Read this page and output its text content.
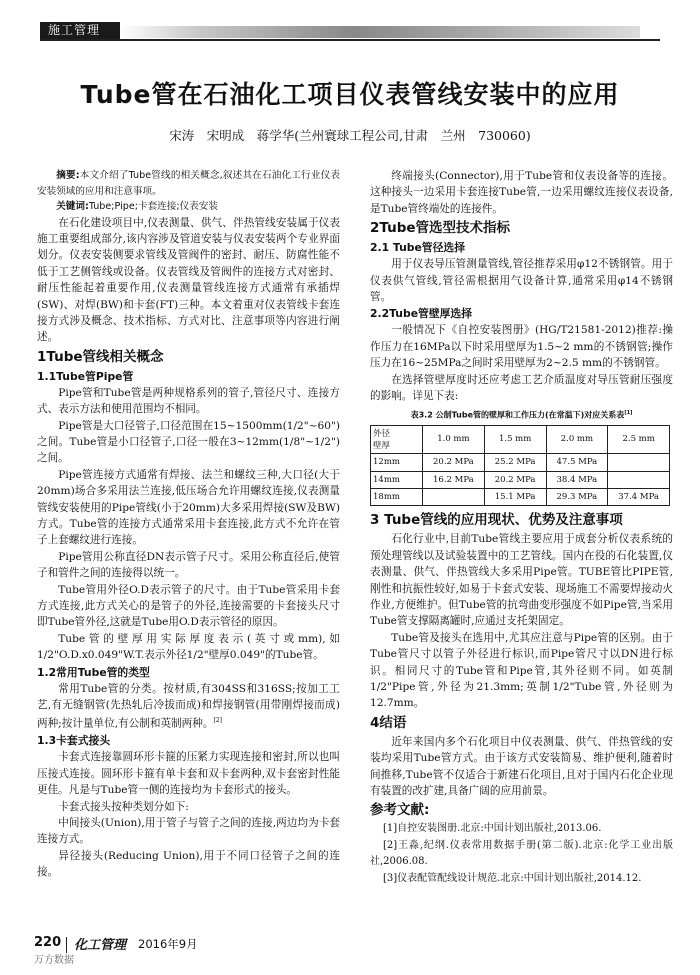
施工管理
Tube管在石油化工项目仪表管线安装中的应用
宋涛　宋明成　蒋学华(兰州寰球工程公司,甘肃　兰州　730060)

摘要:本文介绍了Tube管线的相关概念,叙述其在石油化工行业仪表安装领域的应用和注意事项。

关键词:Tube;Pipe;卡套连接;仪表安装

在石化建设项目中,仪表测量、供气、伴热管线安装属于仪表施工重要组成部分,该内容涉及管道安装与仪表安装两个专业界面划分。仪表安装侧要求管线及管阀件的密封、耐压、防腐性能不低于工艺侧管线或设备。仪表管线及管阀件的连接方式对密封、耐压性能起着重要作用,仪表测量管线连接方式通常有承插焊(SW)、对焊(BW)和卡套(FT)三种。本文着重对仪表管线卡套连接方式涉及概念、技术指标、方式对比、注意事项等内容进行阐述。

1Tube管线相关概念
1.1Tube管Pipe管

Pipe管和Tube管是两种规格系列的管子,管径尺寸、连接方式、表示方法和使用范围均不相同。

Pipe管是大口径管子,口径范围在15~1500mm(1/2"~60")之间。Tube管是小口径管子,口径一般在3~12mm(1/8"~1/2")之间。

Pipe管连接方式通常有焊接、法兰和螺纹三种,大口径(大于20mm)场合多采用法兰连接,低压场合允许用螺纹连接,仪表测量管线安装使用的Pipe管线(小于20mm)大多采用焊接(SW及BW)方式。Tube管的连接方式通常采用卡套连接,此方式不允许在管子上套螺纹进行连接。

Pipe管用公称直径DN表示管子尺寸。采用公称直径后,使管子和管件之间的连接得以统一。

Tube管用外径O.D表示管子的尺寸。由于Tube管采用卡套方式连接,此方式关心的是管子的外径,连接需要的卡套接头尺寸即Tube管外径,这就是Tube用O.D表示管径的原因。

Tube管的壁厚用实际厚度表示(英寸或mm),如1/2"O.D.x0.049"W.T.表示外径1/2"壁厚0.049"的Tube管。

1.2常用Tube管的类型

常用Tube管的分类。按材质,有304SS和316SS;按加工工艺,有无缝钢管(先热轧后冷拔而成)和焊接钢管(用带刚焊接而成)两种;按计量单位,有公制和英制两种。[2]

1.3卡套式接头

卡套式连接靠圆环形卡箍的压紧力实现连接和密封,所以也叫压接式连接。圆环形卡箍有单卡套和双卡套两种,双卡套密封性能更佳。凡是与Tube管一侧的连接均为卡套形式的接头。

卡套式接头按种类划分如下:

中间接头(Union),用于管子与管子之间的连接,两边均为卡套连接方式。

异径接头(Reducing Union),用于不同口径管子之间的连接。

终端接头(Connector),用于Tube管和仪表设备等的连接。这种接头一边采用卡套连接Tube管,一边采用螺纹连接仪表设备,是Tube管终端处的连接件。

2Tube管选型技术指标
2.1 Tube管径选择

用于仪表导压管测量管线,管径推荐采用φ12不锈钢管。用于仪表供气管线,管径需根据用气设备计算,通常采用φ14不锈钢管。

2.2Tube管壁厚选择

一般情况下《自控安装图册》(HG/T21581-2012)推荐:操作压力在16MPa以下时采用壁厚为1.5~2 mm的不锈钢管;操作压力在16~25MPa之间时采用壁厚为2~2.5 mm的不锈钢管。

在选择管壁厚度时还应考虑工艺介质温度对导压管耐压强度的影响。详见下表:

表3.2 公制Tube管的壁厚和工作压力(在常温下)对应关系表[1]
外径
壁厚	1.0 mm	1.5 mm	2.0 mm	2.5 mm
12mm	20.2 MPa	25.2 MPa	47.5 MPa	
14mm	16.2 MPa	20.2 MPa	38.4 MPa	
18mm		15.1 MPa	29.3 MPa	37.4 MPa
3 Tube管线的应用现状、优势及注意事项

石化行业中,目前Tube管线主要应用于成套分析仪表系统的预处理管线以及试验装置中的工艺管线。国内在役的石化装置,仪表测量、供气、伴热管线大多采用Pipe管。TUBE管比PIPE管,刚性和抗振性较好,如易于卡套式安装、现场施工不需要焊接动火作业,方便维护。但Tube管的抗弯曲变形强度不如Pipe管,当采用Tube管支撑隔离罐时,应通过支托架固定。

Tube管及接头在选用中,尤其应注意与Pipe管的区别。由于Tube管尺寸以管子外径进行标识,而Pipe管尺寸以DN进行标识。相同尺寸的Tube管和Pipe管,其外径则不同。如英制1/2"Pipe管,外径为21.3mm;英制1/2"Tube管,外径则为12.7mm。

4结语

近年来国内多个石化项目中仪表测量、供气、伴热管线的安装均采用Tube管方式。由于该方式安装简易、维护便利,随着时间推移,Tube管不仅适合于新建石化项目,且对于国内石化企业现有装置的改扩建,具备广阔的应用前景。

参考文献:

[1]自控安装图册.北京:中国计划出版社,2013.06.

[2]王淼,纪纲.仪表常用数据手册(第二版).北京:化学工业出版社,2006.08.

[3]仪表配管配线设计规范.北京:中国计划出版社,2014.12.

220 化工管理 2016年9月
万方数据
